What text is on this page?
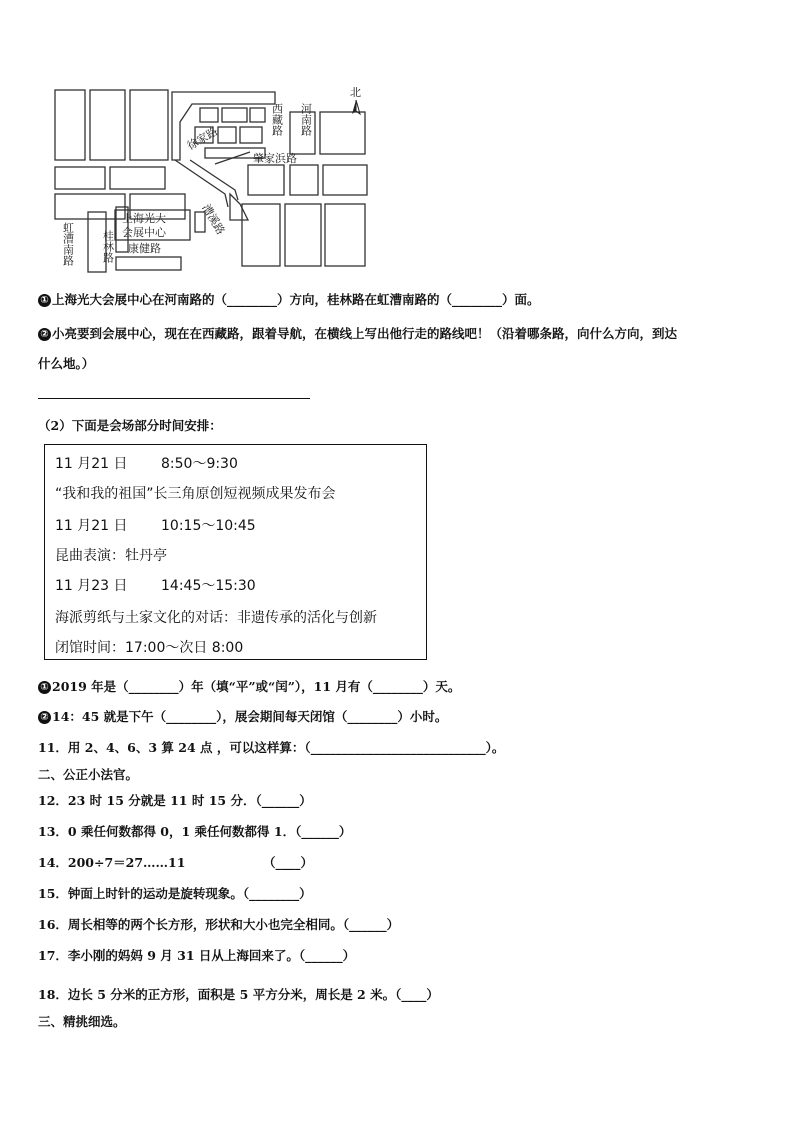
河南路
西藏路
徐家路
肇家浜路
虹漕南路 桂林路
漕溪路
康健路
上海光大
会展中心
北
① 上海光大会展中心在河南路的（________）方向，桂林路在虹漕南路的（________）面。
② 小亮要到会展中心，现在在西藏路，跟着导航，在横线上写出他行走的路线吧！（沿着哪条路，向什么方向，到达
什么地。）
（2）下面是会场部分时间安排：
11 月21 日 8:50～9:30
“我和我的祖国”长三角原创短视频成果发布会
11 月21 日 10:15～10:45
昆曲表演：牡丹亭
11 月23 日 14:45～15:30
海派剪纸与土家文化的对话：非遗传承的活化与创新
闭馆时间：17:00～次日 8:00
① 2019 年是（________）年（填“平”或“闰”），11 月有（________）天。
② 14：45 就是下午（________），展会期间每天闭馆（________）小时。
11．用 2、4、6、3 算 24 点 ，可以这样算：（____________________________）。
二、公正小法官。
12．23 时 15 分就是 11 时 15 分．（______）
13．0 乘任何数都得 0，1 乘任何数都得 1．（______）
14．200÷7＝27……11	（____）
15．钟面上时针的运动是旋转现象。（________）
16．周长相等的两个长方形，形状和大小也完全相同。（______）
17．李小刚的妈妈 9 月 31 日从上海回来了。（______）
18．边长 5 分米的正方形，面积是 5 平方分米，周长是 2 米。（____）
三、精挑细选。
